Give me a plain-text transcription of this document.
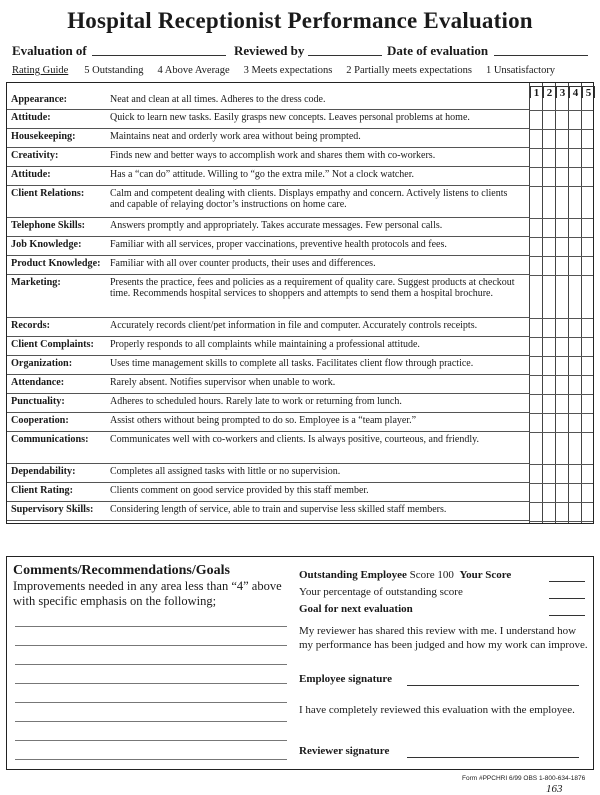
Hospital Receptionist Performance Evaluation
Evaluation of	Reviewed by	Date of evaluation
Rating Guide 5 Outstanding 4 Above Average 3 Meets expectations 2 Partially meets expectations 1 Unsatisfactory
1 2 3 4 5
Appearance:	Neat and clean at all times. Adheres to the dress code.
Attitude:	Quick to learn new tasks. Easily grasps new concepts. Leaves personal problems at home.
Housekeeping:	Maintains neat and orderly work area without being prompted.
Creativity:	Finds new and better ways to accomplish work and shares them with co-workers.
Attitude:	Has a “can do” attitude. Willing to “go the extra mile.” Not a clock watcher.
Client Relations:	Calm and competent dealing with clients. Displays empathy and concern. Actively listens to clients and capable of relaying doctor’s instructions on home care.
Telephone Skills: Answers promptly and appropriately. Takes accurate messages. Few personal calls.
Job Knowledge:	Familiar with all services, proper vaccinations, preventive health protocols and fees.
Product Knowledge: Familiar with all over counter products, their uses and differences.
Marketing:	Presents the practice, fees and policies as a requirement of quality care. Suggest products at checkout time. Recommends hospital services to shoppers and attempts to send them a hospital brochure.
Records:	Accurately records client/pet information in file and computer. Accurately controls receipts.
Client Complaints: Properly responds to all complaints while maintaining a professional attitude.
Organization:	Uses time management skills to complete all tasks. Facilitates client flow through practice.
Attendance:	Rarely absent. Notifies supervisor when unable to work.
Punctuality:	Adheres to scheduled hours. Rarely late to work or returning from lunch.
Cooperation:	Assist others without being prompted to do so. Employee is a “team player.”
Communications: Communicates well with co-workers and clients. Is always positive, courteous, and friendly.
Dependability:	Completes all assigned tasks with little or no supervision.
Client Rating:	Clients comment on good service provided by this staff member.
Supervisory Skills: Considering length of service, able to train and supervise less skilled staff members.
Comments/Recommendations/Goals
Improvements needed in any area less than “4” above with specific emphasis on the following;
Outstanding Employee Score 100 Your Score
Your percentage of outstanding score
Goal for next evaluation
My reviewer has shared this review with me. I understand how my performance has been judged and how my work can improve.
Employee signature
I have completely reviewed this evaluation with the employee.
Reviewer signature
Form #PPCHRI 6/99 OBS 1-800-634-1876
163
